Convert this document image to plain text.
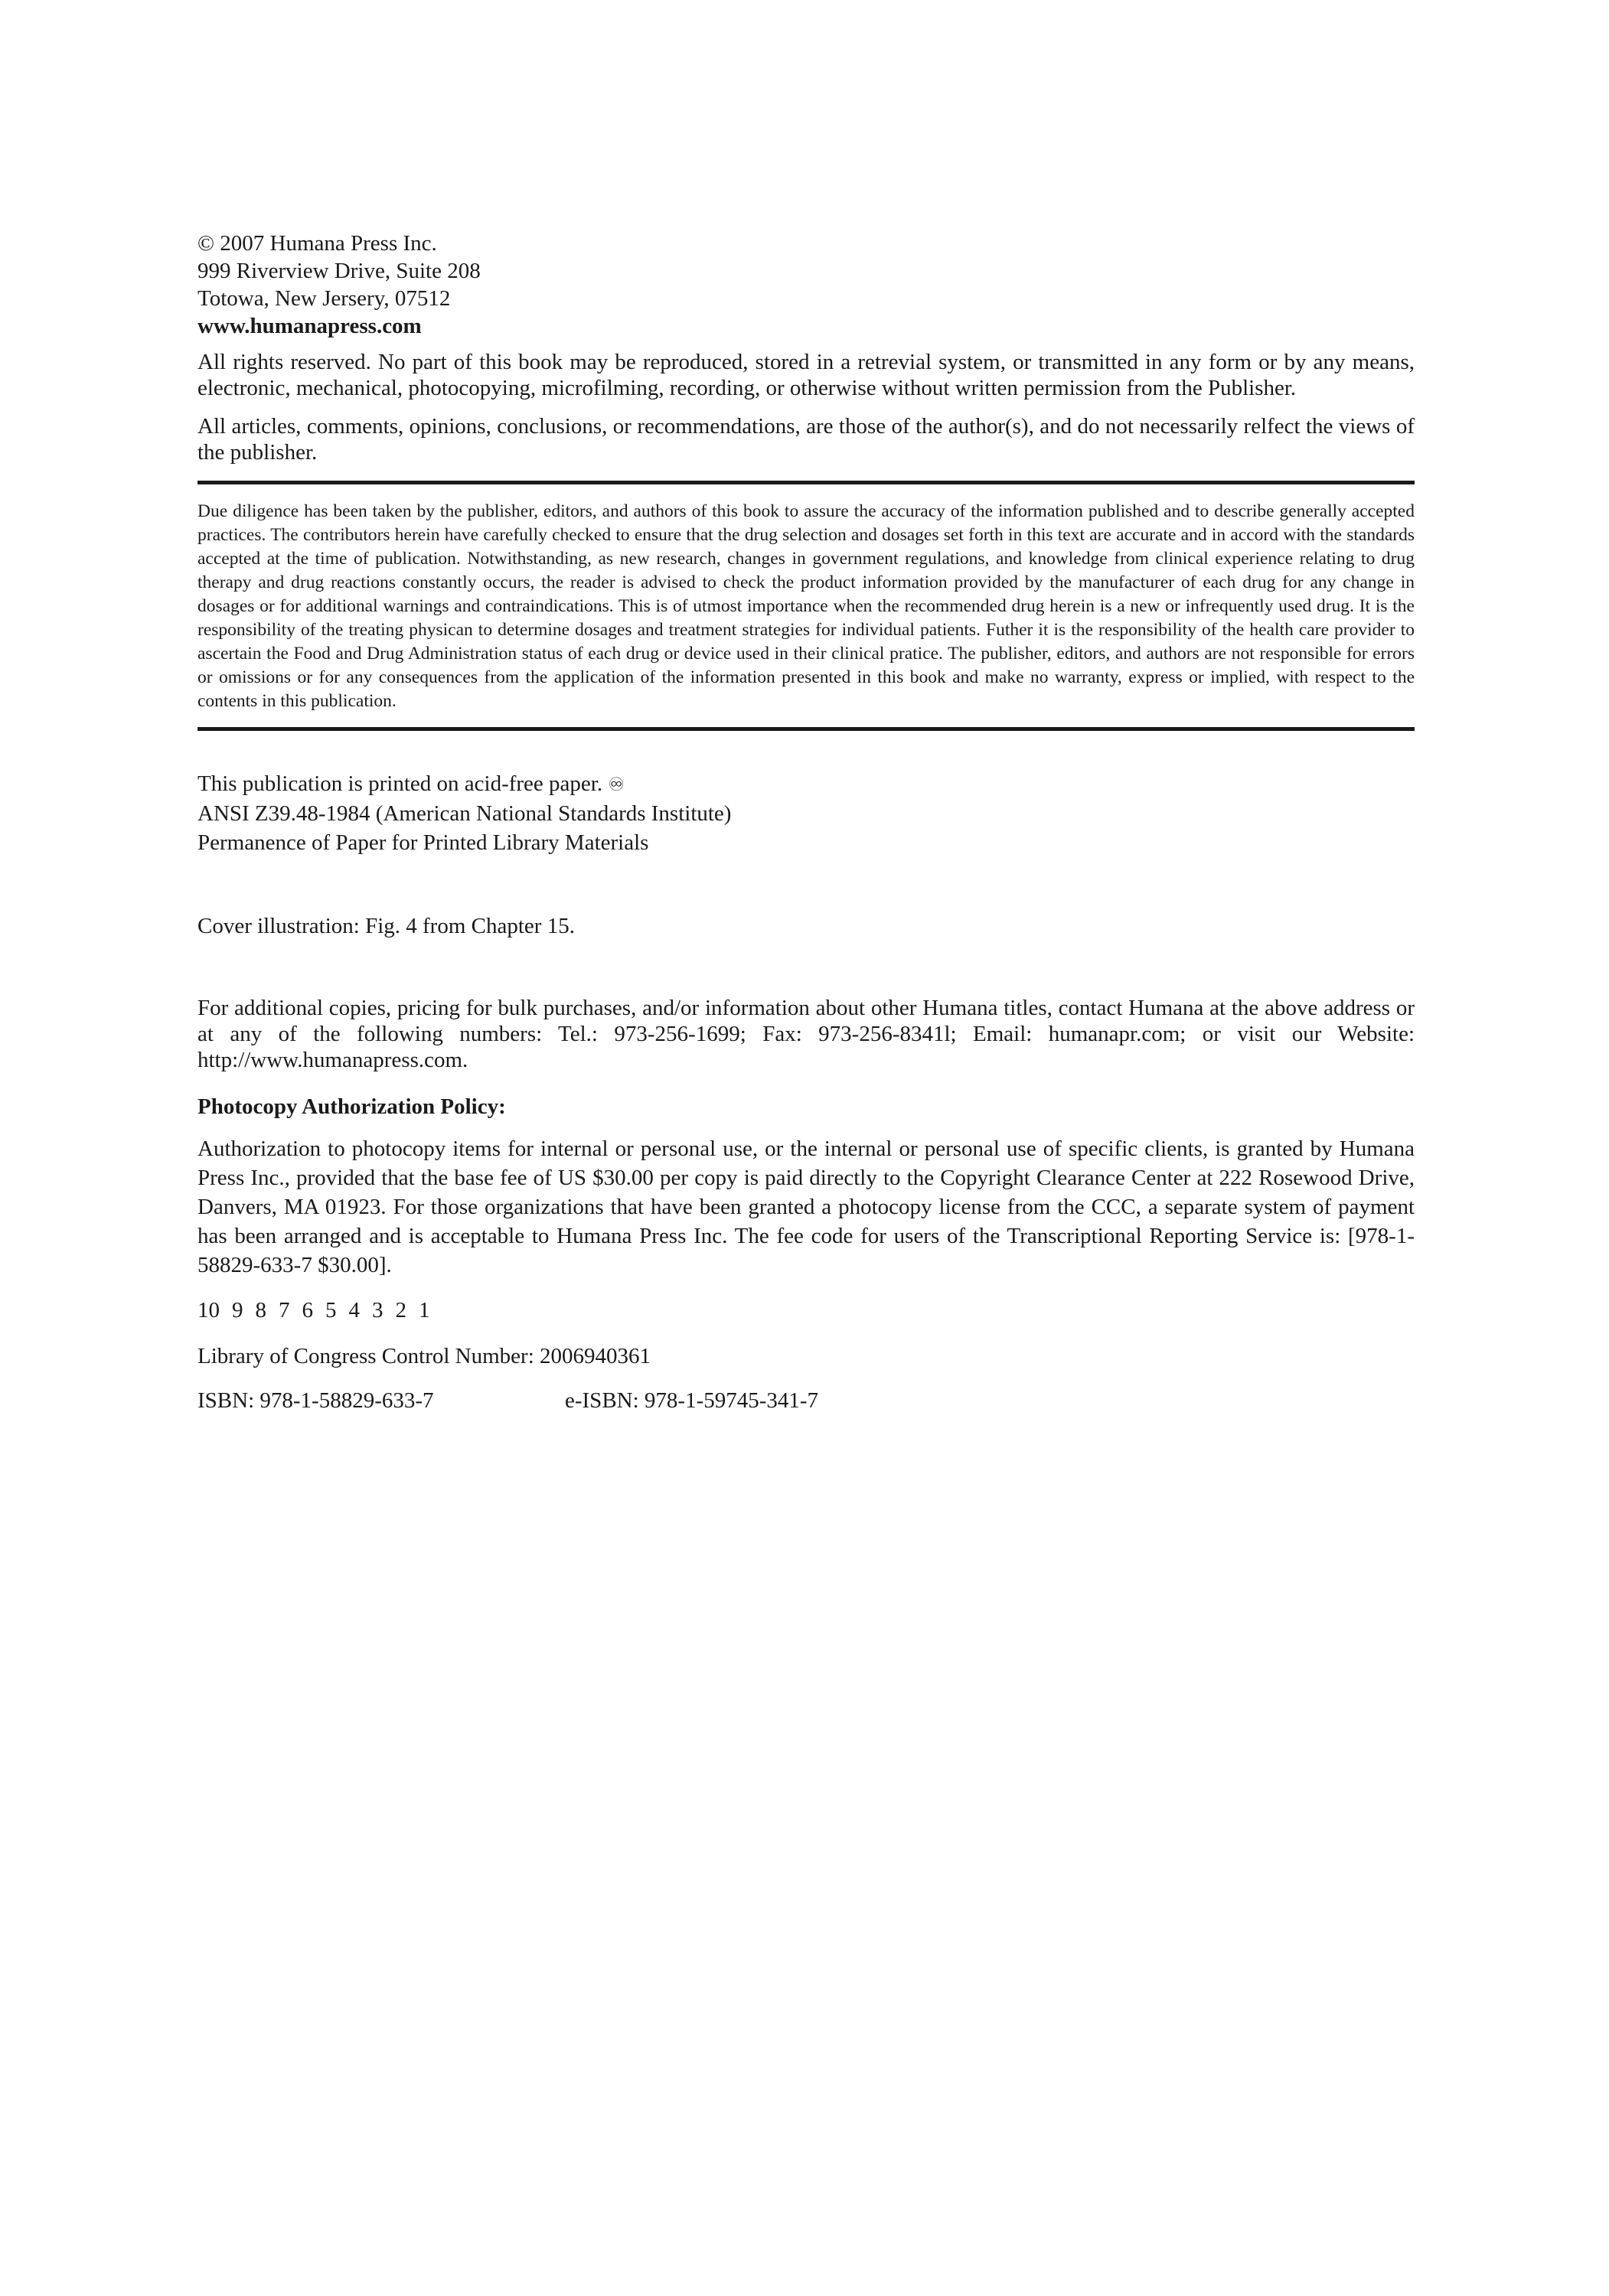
© 2007 Humana Press Inc.
999 Riverview Drive, Suite 208
Totowa, New Jersery, 07512
www.humanapress.com

All rights reserved. No part of this book may be reproduced, stored in a retrevial system, or transmitted in any form or by any means, electronic, mechanical, photocopying, microfilming, recording, or otherwise without written permission from the Publisher.

All articles, comments, opinions, conclusions, or recommendations, are those of the author(s), and do not necessarily relfect the views of the publisher.

Due diligence has been taken by the publisher, editors, and authors of this book to assure the accuracy of the information published and to describe generally accepted practices. The contributors herein have carefully checked to ensure that the drug selection and dosages set forth in this text are accurate and in accord with the standards accepted at the time of publication. Notwithstanding, as new research, changes in government regulations, and knowledge from clinical experience relating to drug therapy and drug reactions constantly occurs, the reader is advised to check the product information provided by the manufacturer of each drug for any change in dosages or for additional warnings and contraindications. This is of utmost importance when the recommended drug herein is a new or infrequently used drug. It is the responsibility of the treating physican to determine dosages and treatment strategies for individual patients. Futher it is the responsibility of the health care provider to ascertain the Food and Drug Administration status of each drug or device used in their clinical pratice. The publisher, editors, and authors are not responsible for errors or omissions or for any consequences from the application of the information presented in this book and make no warranty, express or implied, with respect to the contents in this publication.

This publication is printed on acid-free paper. ♾
ANSI Z39.48-1984 (American National Standards Institute)
Permanence of Paper for Printed Library Materials
Cover illustration: Fig. 4 from Chapter 15.

For additional copies, pricing for bulk purchases, and/or information about other Humana titles, contact Humana at the above address or at any of the following numbers: Tel.: 973-256-1699; Fax: 973-256-8341l; Email: humanapr.com; or visit our Website: http://www.humanapress.com.

Photocopy Authorization Policy:

Authorization to photocopy items for internal or personal use, or the internal or personal use of specific clients, is granted by Humana Press Inc., provided that the base fee of US $30.00 per copy is paid directly to the Copyright Clearance Center at 222 Rosewood Drive, Danvers, MA 01923. For those organizations that have been granted a photocopy license from the CCC, a separate system of payment has been arranged and is acceptable to Humana Press Inc. The fee code for users of the Transcriptional Reporting Service is: [978-1-58829-633-7 $30.00].

10 9 8 7 6 5 4 3 2 1
Library of Congress Control Number: 2006940361
ISBN: 978-1-58829-633-7	e-ISBN: 978-1-59745-341-7
